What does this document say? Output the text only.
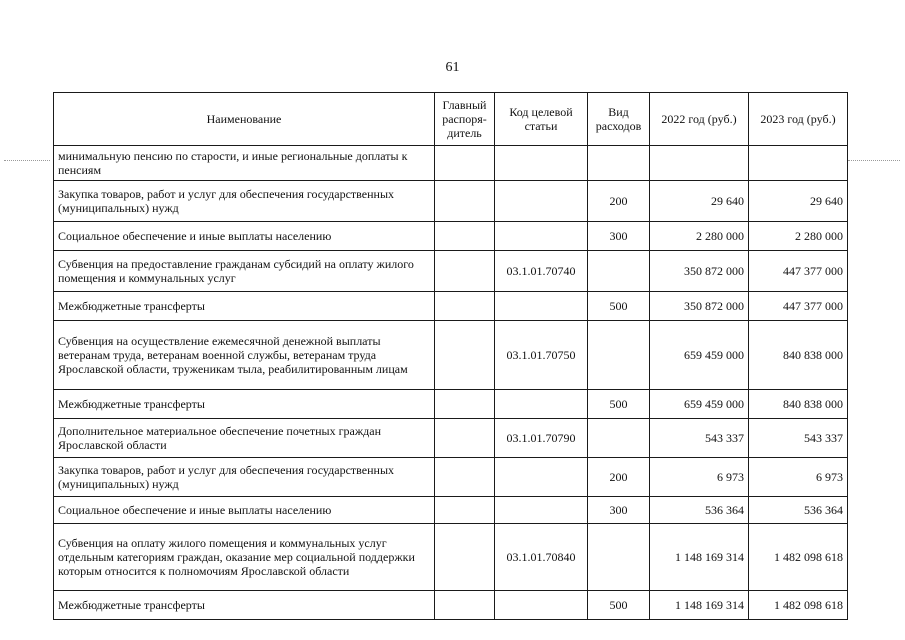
61
Наименование	Главный распоря-дитель	Код целевой статьи	Вид расходов	2022 год (руб.)	2023 год (руб.)
минимальную пенсию по старости, и иные региональные доплаты к пенсиям					
Закупка товаров, работ и услуг для обеспечения государственных (муниципальных) нужд			200	29 640	29 640
Социальное обеспечение и иные выплаты населению			300	2 280 000	2 280 000
Субвенция на предоставление гражданам субсидий на оплату жилого помещения и коммунальных услуг		03.1.01.70740		350 872 000	447 377 000
Межбюджетные трансферты			500	350 872 000	447 377 000
Субвенция на осуществление ежемесячной денежной выплаты ветеранам труда, ветеранам военной службы, ветеранам труда Ярославской области, труженикам тыла, реабилитированным лицам		03.1.01.70750		659 459 000	840 838 000
Межбюджетные трансферты			500	659 459 000	840 838 000
Дополнительное материальное обеспечение почетных граждан Ярославской области		03.1.01.70790		543 337	543 337
Закупка товаров, работ и услуг для обеспечения государственных (муниципальных) нужд			200	6 973	6 973
Социальное обеспечение и иные выплаты населению			300	536 364	536 364
Субвенция на оплату жилого помещения и коммунальных услуг отдельным категориям граждан, оказание мер социальной поддержки которым относится к полномочиям Ярославской области		03.1.01.70840		1 148 169 314	1 482 098 618
Межбюджетные трансферты			500	1 148 169 314	1 482 098 618
